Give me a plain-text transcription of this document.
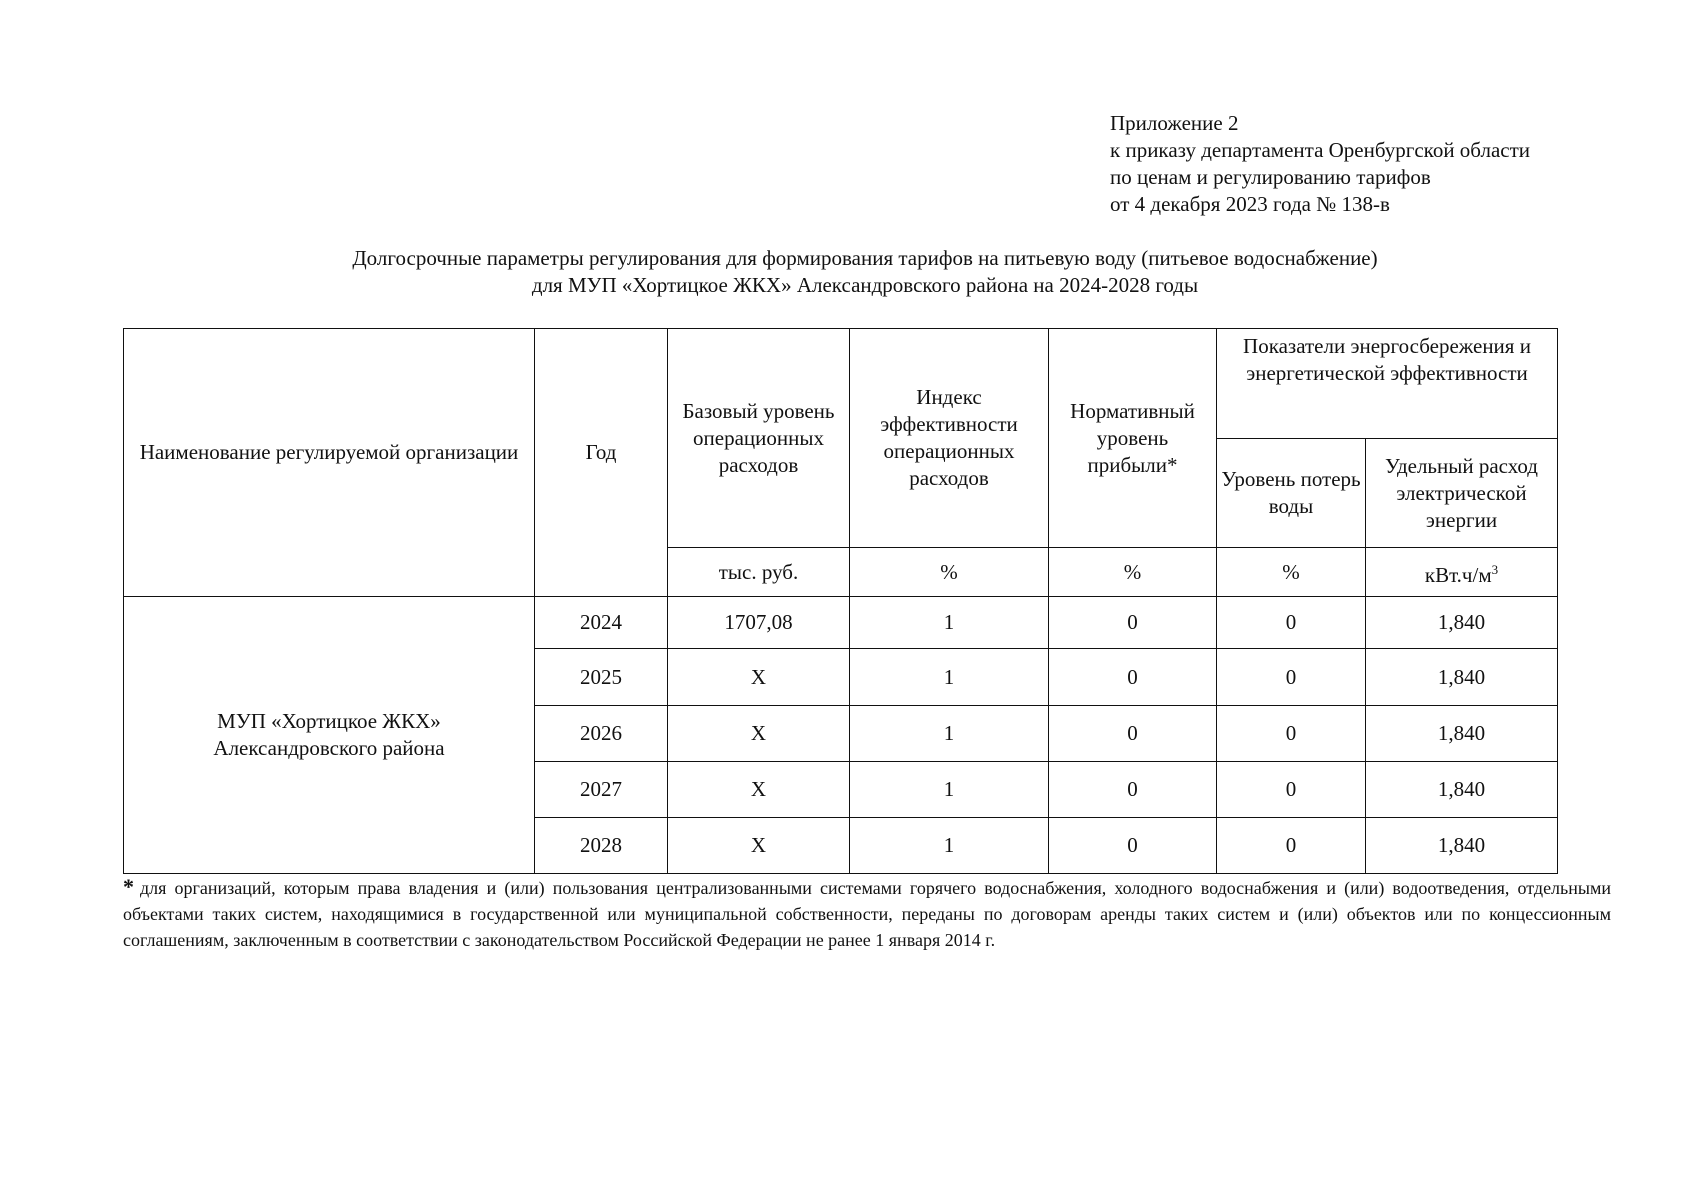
Приложение 2
к приказу департамента Оренбургской области
по ценам и регулированию тарифов
от 4 декабря 2023 года № 138-в
Долгосрочные параметры регулирования для формирования тарифов на питьевую воду (питьевое водоснабжение)
для МУП «Хортицкое ЖКХ» Александровского района на 2024-2028 годы
Наименование регулируемой организации	Год	Базовый уровень операционных расходов	Индекс эффективности операционных расходов	Нормативный уровень прибыли*	Показатели энергосбережения и энергетической эффективности	
					Уровень потерь воды	Удельный расход электрической энергии
		тыс. руб.	%	%	%	$кВт.ч/м^3$
МУП «Хортицкое ЖКХ» Александровского района	2024	1707,08	1	0	0	1,840
	2025	Х	1	0	0	1,840
	2026	Х	1	0	0	1,840
	2027	Х	1	0	0	1,840
	2028	Х	1	0	0	1,840
* для организаций, которым права владения и (или) пользования централизованными системами горячего водоснабжения, холодного водоснабжения и (или) водоотведения, отдельными объектами таких систем, находящимися в государственной или муниципальной собственности, переданы по договорам аренды таких систем и (или) объектов или по концессионным соглашениям, заключенным в соответствии с законодательством Российской Федерации не ранее 1 января 2014 г.
